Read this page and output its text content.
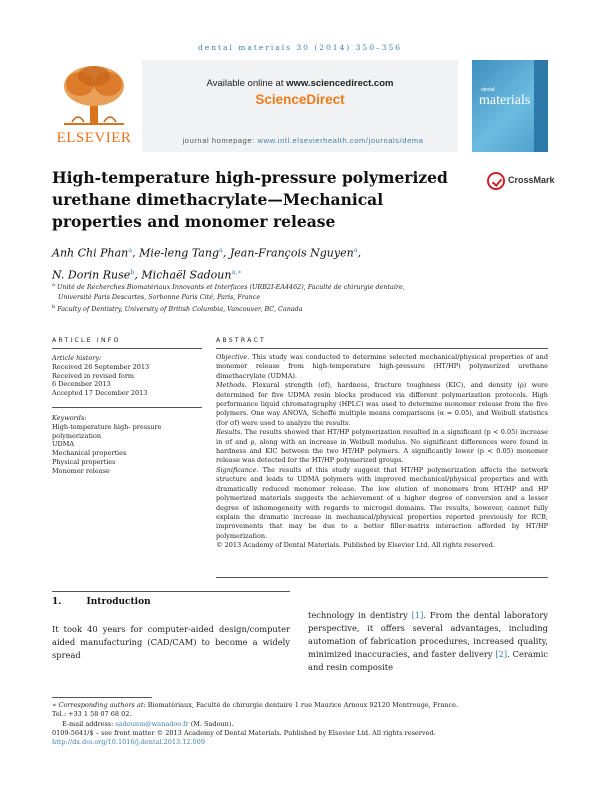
dental materials 30 (2014) 350–356
ELSEVIER
Available online at www.sciencedirect.com
ScienceDirect
journal homepage: www.intl.elsevierhealth.com/journals/dema
dental
materials
High-temperature high-pressure polymerized urethane dimethacrylate—Mechanical properties and monomer release
CrossMark
Anh Chi Phan$^a$, Mie-leng Tang$^a$, Jean-François Nguyen$^a$,
N. Dorin Ruse$^b$, Michaël Sadoun$^{a,∗}$
$^a$ Unité de Recherches Biomatériaux Innovants et Interfaces (URB2I-EA4462), Faculté de chirurgie dentaire,
Université Paris Descartes, Sorbonne Paris Cité, Paris, France
$^b$ Faculty of Dentistry, University of British Columbia, Vancouver, BC, Canada
ARTICLE INFO	ABSTRACT
Article history:
Received 26 September 2013
Received in revised form
6 December 2013
Accepted 17 December 2013
Keywords:
High-temperature high- pressure
polymerization
UDMA
Mechanical properties
Physical properties
Monomer release

Objective. This study was conducted to determine selected mechanical/physical properties of and monomer release from high-temperature high-pressure (HT/HP) polymerized urethane dimethacrylate (UDMA).

Methods. Flexural strength (σf), hardness, fracture toughness (KIC), and density (ρ) were determined for five UDMA resin blocks produced via different polymerization protocols. High performance liquid chromatography (HPLC) was used to determine monomer release from the five polymers. One way ANOVA, Scheffé multiple means comparisons (α = 0.05), and Weibull statistics (for σf) were used to analyze the results.

Results. The results showed that HT/HP polymerization resulted in a significant (p < 0.05) increase in σf and ρ, along with an increase in Weibull modulus. No significant differences were found in hardness and KIC between the two HT/HP polymers. A significantly lower (p < 0.05) monomer release was detected for the HT/HP polymerized groups.

Significance. The results of this study suggest that HT/HP polymerization affects the network structure and leads to UDMA polymers with improved mechanical/physical properties and with dramatically reduced monomer release. The low elution of monomers from HT/HP and HP polymerized materials suggests the achievement of a higher degree of conversion and a lesser degree of inhomogeneity with regards to microgel domains. The results, however, cannot fully explain the dramatic increase in mechanical/physical properties reported previously for RCB, improvements that may be due to a better filler-matrix interaction afforded by HT/HP polymerization.

© 2013 Academy of Dental Materials. Published by Elsevier Ltd. All rights reserved.

1.	Introduction
It took 40 years for computer-aided design/computer aided manufacturing (CAD/CAM) to become a widely spread
technology in dentistry [1]. From the dental laboratory perspective, it offers several advantages, including automation of fabrication procedures, increased quality, minimized inaccuracies, and faster delivery [2]. Ceramic and resin composite
∗ Corresponding authors at: Biomatériaux, Faculté de chirurgie dentaire 1 rue Maurice Arnoux 92120 Montrouge, France.
Tel.: +33 1 58 07 68 02.
E-mail address: sadounm@wanadoo.fr (M. Sadoun).
0109-5641/$ – see front matter © 2013 Academy of Dental Materials. Published by Elsevier Ltd. All rights reserved.
http://dx.doi.org/10.1016/j.dental.2013.12.009
